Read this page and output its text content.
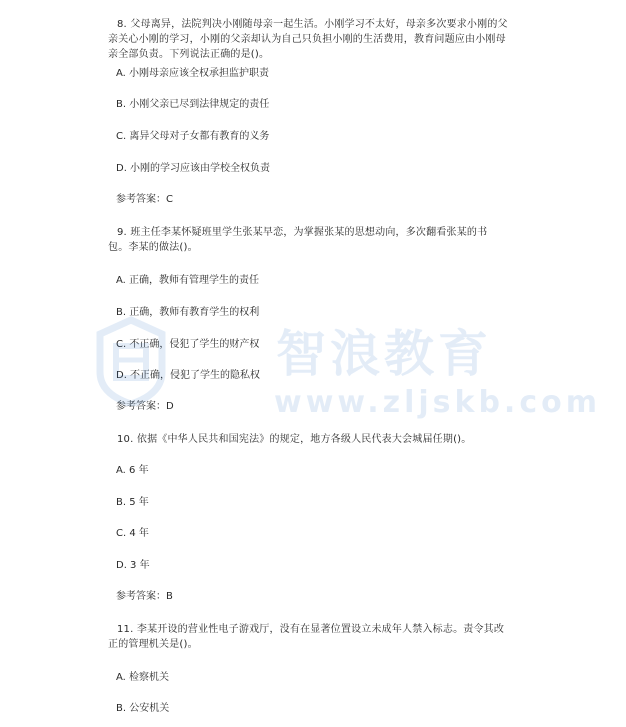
8. 父母离异，法院判决小刚随母亲一起生活。小刚学习不太好，母亲多次要求小刚的父
亲关心小刚的学习，小刚的父亲却认为自己只负担小刚的生活费用，教育问题应由小刚母
亲全部负责。下列说法正确的是()。
A. 小刚母亲应该全权承担监护职责
B. 小刚父亲已尽到法律规定的责任
C. 离异父母对子女都有教育的义务
D. 小刚的学习应该由学校全权负责
参考答案：C
9. 班主任李某怀疑班里学生张某早恋，为掌握张某的思想动向，多次翻看张某的书
包。李某的做法()。
A. 正确，教师有管理学生的责任
B. 正确，教师有教育学生的权利
C. 不正确，侵犯了学生的财产权
D. 不正确，侵犯了学生的隐私权
参考答案：D
10. 依据《中华人民共和国宪法》的规定，地方各级人民代表大会城届任期()。
A. 6 年
B. 5 年
C. 4 年
D. 3 年
参考答案：B
11. 李某开设的营业性电子游戏厅，没有在显著位置设立未成年人禁入标志。责令其改
正的管理机关是()。
A. 检察机关
B. 公安机关
智浪教育
www.zljskb.com
